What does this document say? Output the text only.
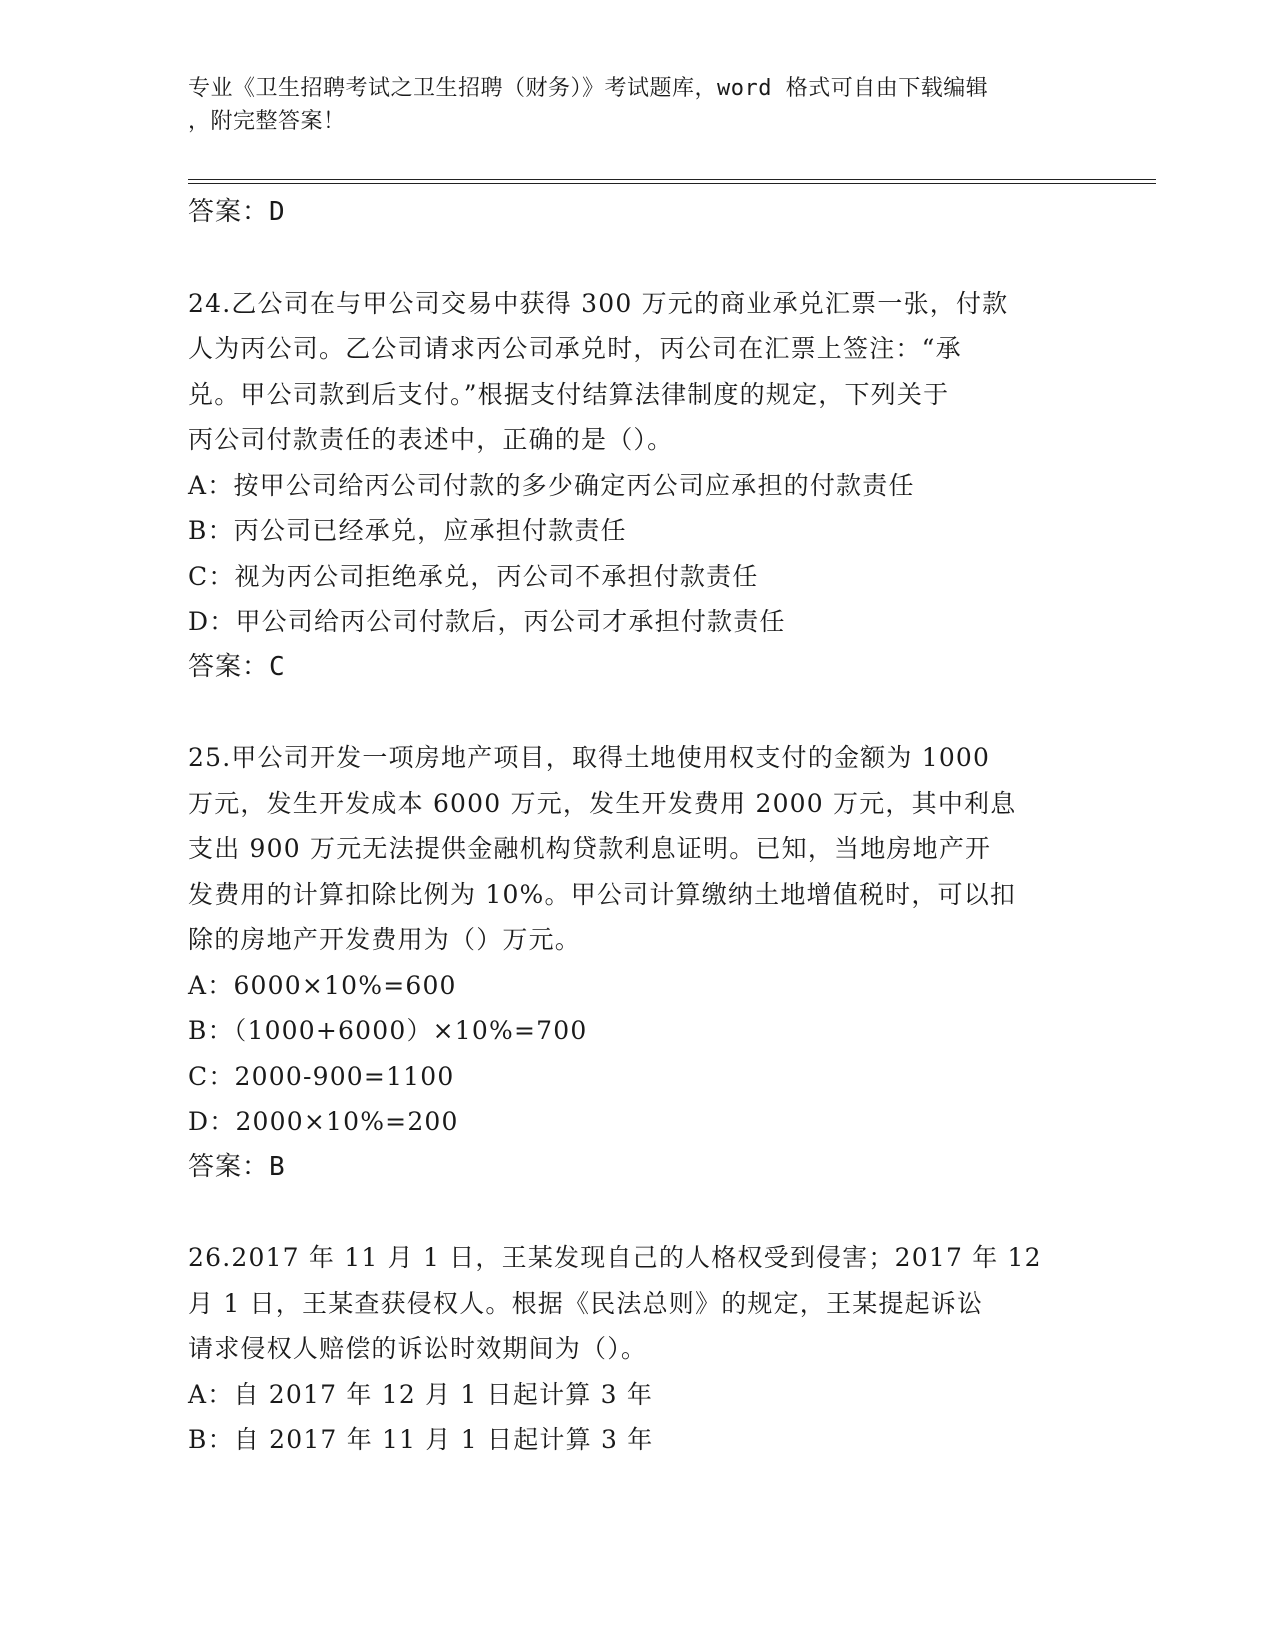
专业《卫生招聘考试之卫生招聘（财务）》考试题库，word 格式可自由下载编辑
，附完整答案！
答案：D
24.乙公司在与甲公司交易中获得 300 万元的商业承兑汇票一张，付款
人为丙公司。乙公司请求丙公司承兑时，丙公司在汇票上签注：“承
兑。甲公司款到后支付。”根据支付结算法律制度的规定，下列关于
丙公司付款责任的表述中，正确的是（）。
A：按甲公司给丙公司付款的多少确定丙公司应承担的付款责任
B：丙公司已经承兑，应承担付款责任
C：视为丙公司拒绝承兑，丙公司不承担付款责任
D：甲公司给丙公司付款后，丙公司才承担付款责任
答案：C
25.甲公司开发一项房地产项目，取得土地使用权支付的金额为 1000
万元，发生开发成本 6000 万元，发生开发费用 2000 万元，其中利息
支出 900 万元无法提供金融机构贷款利息证明。已知，当地房地产开
发费用的计算扣除比例为 10%。甲公司计算缴纳土地增值税时，可以扣
除的房地产开发费用为（）万元。
A：6000×10%=600
B：（1000+6000）×10%=700
C：2000-900=1100
D：2000×10%=200
答案：B
26.2017 年 11 月 1 日，王某发现自己的人格权受到侵害；2017 年 12
月 1 日，王某查获侵权人。根据《民法总则》的规定，王某提起诉讼
请求侵权人赔偿的诉讼时效期间为（）。
A：自 2017 年 12 月 1 日起计算 3 年
B：自 2017 年 11 月 1 日起计算 3 年
